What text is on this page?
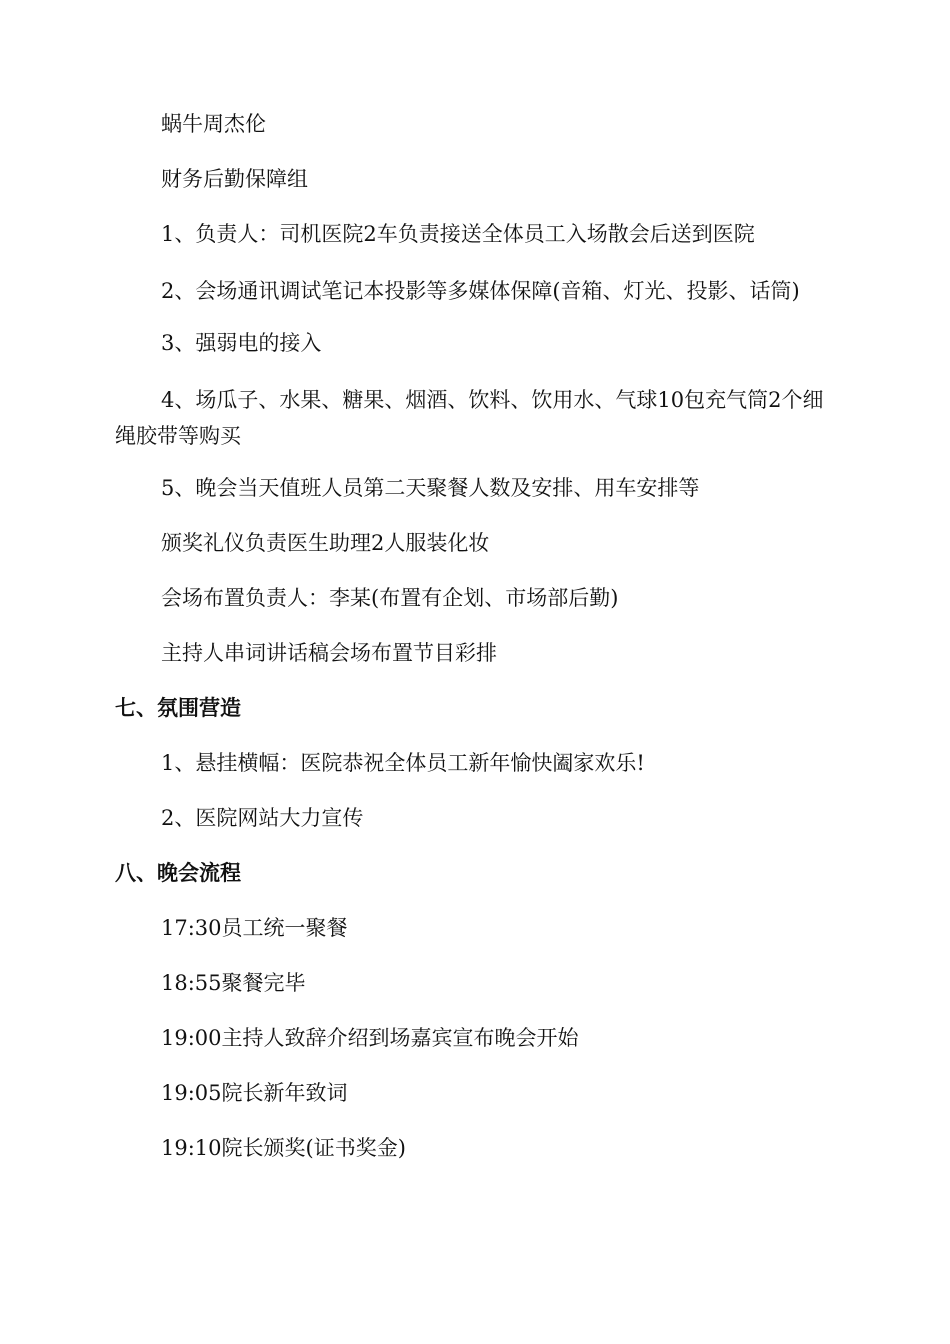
蜗牛周杰伦

财务后勤保障组

1、负责人：司机医院2车负责接送全体员工入场散会后送到医院

2、会场通讯调试笔记本投影等多媒体保障(音箱、灯光、投影、话筒)

3、强弱电的接入

4、场瓜子、水果、糖果、烟酒、饮料、饮用水、气球10包充气筒2个细绳胶带等购买

5、晚会当天值班人员第二天聚餐人数及安排、用车安排等

颁奖礼仪负责医生助理2人服装化妆

会场布置负责人：李某(布置有企划、市场部后勤)

主持人串词讲话稿会场布置节目彩排

七、氛围营造

1、悬挂横幅：医院恭祝全体员工新年愉快阖家欢乐!

2、医院网站大力宣传

八、晚会流程

17:30员工统一聚餐

18:55聚餐完毕

19:00主持人致辞介绍到场嘉宾宣布晚会开始

19:05院长新年致词

19:10院长颁奖(证书奖金)
